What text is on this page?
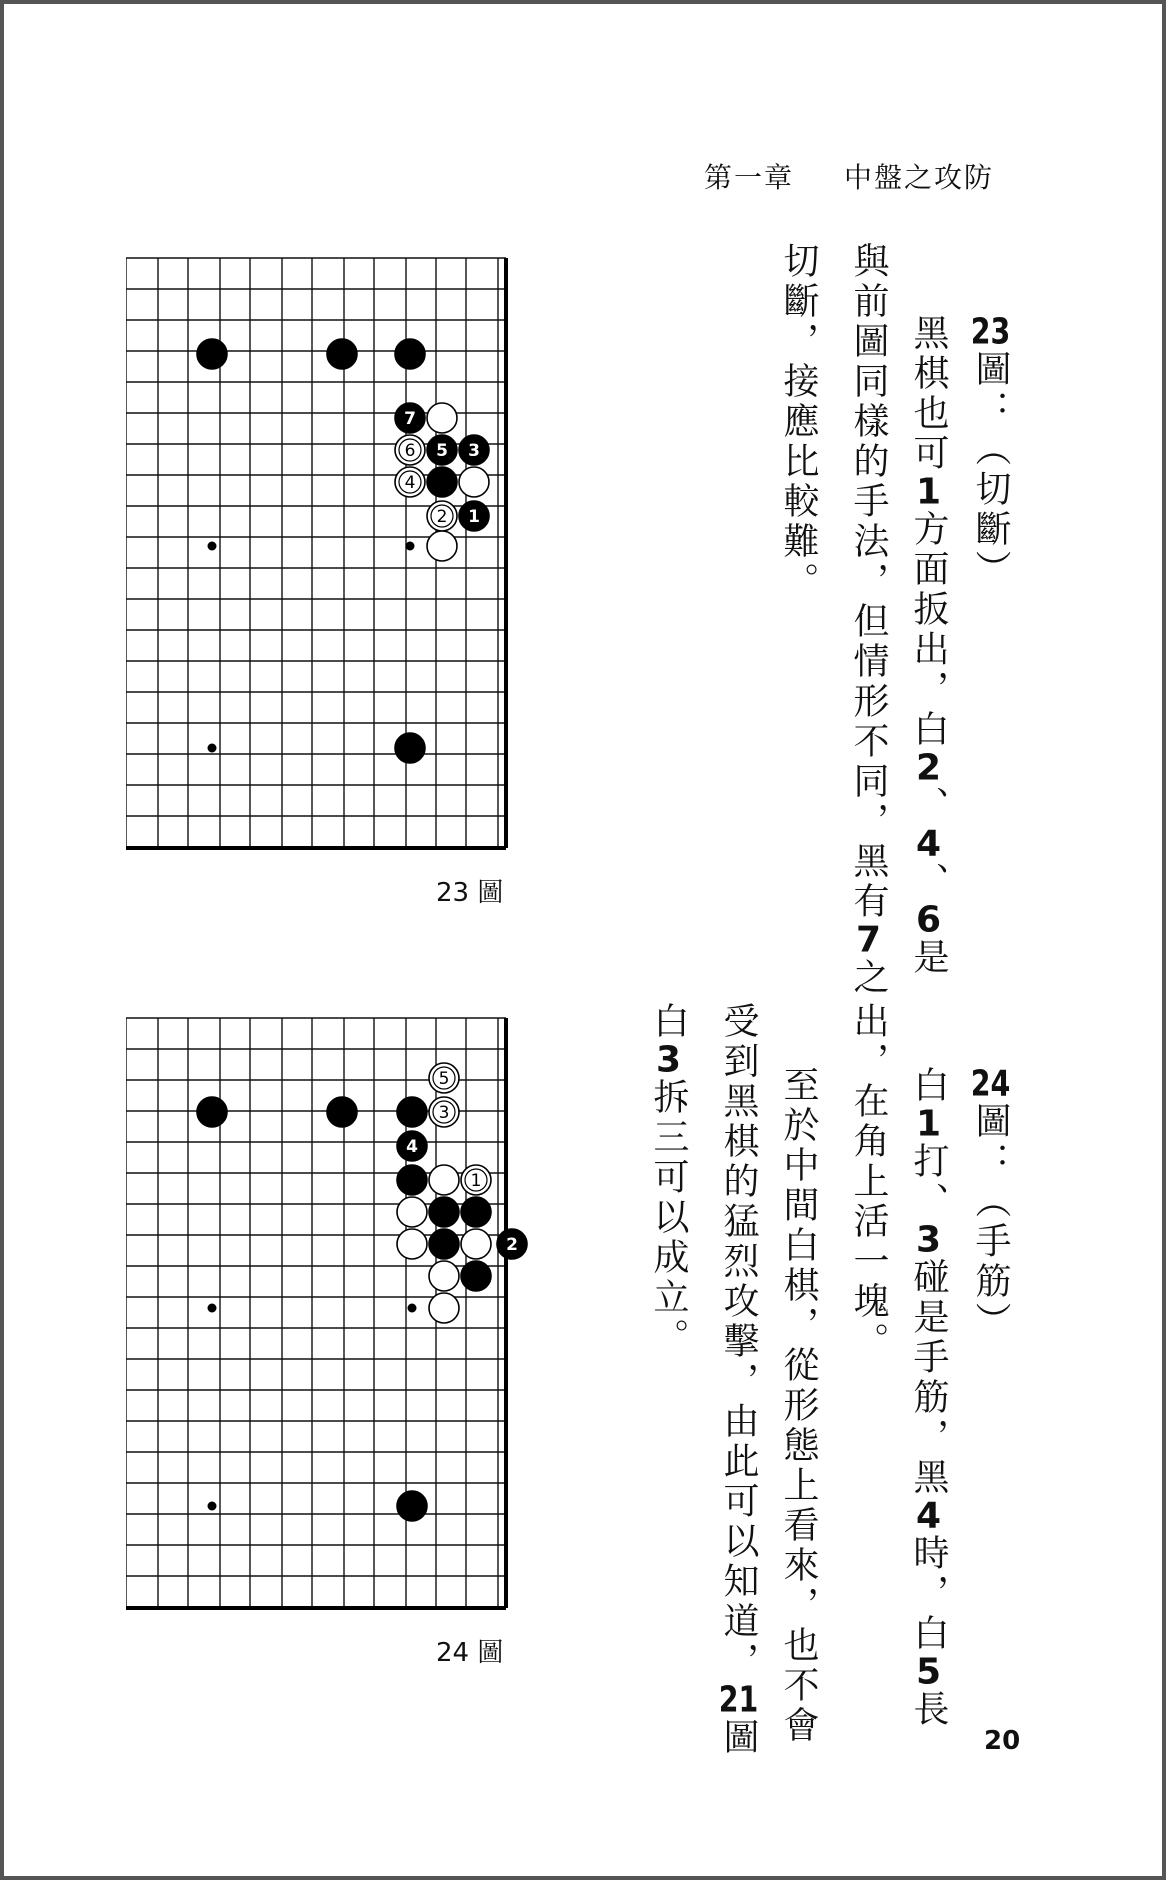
第一章 中盤之攻防
7
6 5 3
4
2 1
23 圖
5
3
4
1
2
24 圖
23圖：（切斷）
黑棋也可1方面扳出，白2、4、6是
與前圖同樣的手法，但情形不同，黑有7之
切斷，接應比較難。
24圖：（手筋）
白1打、3碰是手筋，黑4時，白5長
出，在角上活一塊。
至於中間白棋，從形態上看來，也不會
受到黑棋的猛烈攻擊，由此可以知道，21圖
白3拆三可以成立。
20
